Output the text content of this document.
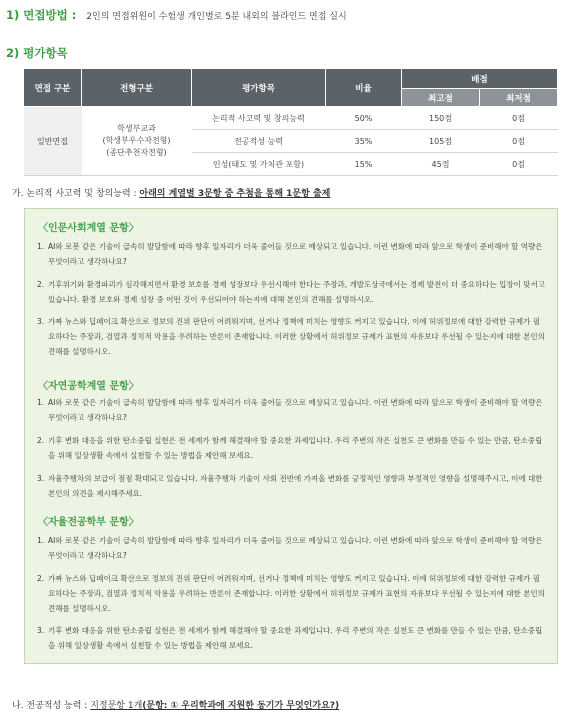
1) 면접방법 : 2인의 면접위원이 수험생 개인별로 5분 내외의 블라인드 면접 실시
2) 평가항목
면접 구분	전형구분	평가항목	비율	배점	
				최고점	최저점
일반면접	학생부교과
(학생부우수자전형)
(종단추천자전형)	논리적 사고력 및 창의능력	50%	150점	0점
		전공적성 능력	35%	105점	0점
		인성(태도 및 가치관 포함)	15%	45점	0점
가. 논리적 사고력 및 창의능력 : 아래의 계열별 3문항 중 추첨을 통해 1문항 출제
〈인문사회계열 문항〉
1. AI와 로봇 같은 기술이 급속히 발달함에 따라 향후 일자리가 더욱 줄어들 것으로 예상되고 있습니다. 이런 변화에 따라 앞으로 학생이 준비해야 할 역량은 무엇이라고 생각하나요?
2. 기후위기와 환경파괴가 심각해지면서 환경 보호를 경제 성장보다 우선시해야 한다는 주장과, 개발도상국에서는 경제 발전이 더 중요하다는 입장이 맞서고 있습니다. 환경 보호와 경제 성장 중 어떤 것이 우선되어야 하는지에 대해 본인의 견해를 설명하시오.
3. 가짜 뉴스와 딥페이크 확산으로 정보의 진위 판단이 어려워지며, 선거나 정책에 미치는 영향도 커지고 있습니다. 이에 허위정보에 대한 강력한 규제가 필요하다는 주장과, 검열과 정치적 악용을 우려하는 반론이 존재합니다. 이러한 상황에서 허위정보 규제가 표현의 자유보다 우선될 수 있는지에 대한 본인의 견해를 설명하시오.
〈자연공학계열 문항〉
1. AI와 로봇 같은 기술이 급속히 발달함에 따라 향후 일자리가 더욱 줄어들 것으로 예상되고 있습니다. 이런 변화에 따라 앞으로 학생이 준비해야 할 역량은 무엇이라고 생각하나요?
2. 기후 변화 대응을 위한 탄소중립 실현은 전 세계가 함께 해결해야 할 중요한 과제입니다. 우리 주변의 작은 실천도 큰 변화를 만들 수 있는 만큼, 탄소중립을 위해 일상생활 속에서 실천할 수 있는 방법을 제안해 보세요.
3. 자율주행차의 보급이 점점 확대되고 있습니다. 자율주행차 기술이 사회 전반에 가져올 변화를 긍정적인 영향과 부정적인 영향을 설명해주시고, 이에 대한 본인의 의견을 제시해주세요.
〈자율전공학부 문항〉
1. AI와 로봇 같은 기술이 급속히 발달함에 따라 향후 일자리가 더욱 줄어들 것으로 예상되고 있습니다. 이런 변화에 따라 앞으로 학생이 준비해야 할 역량은 무엇이라고 생각하나요?
2. 가짜 뉴스와 딥페이크 확산으로 정보의 진위 판단이 어려워지며, 선거나 정책에 미치는 영향도 커지고 있습니다. 이에 허위정보에 대한 강력한 규제가 필요하다는 주장과, 검열과 정치적 악용을 우려하는 반론이 존재합니다. 이러한 상황에서 허위정보 규제가 표현의 자유보다 우선될 수 있는지에 대한 본인의 견해를 설명하시오.
3. 기후 변화 대응을 위한 탄소중립 실현은 전 세계가 함께 해결해야 할 중요한 과제입니다. 우리 주변의 작은 실천도 큰 변화를 만들 수 있는 만큼, 탄소중립을 위해 일상생활 속에서 실천할 수 있는 방법을 제안해 보세요.
나. 전공적성 능력 : 지정문항 1개(문항: ① 우리학과에 지원한 동기가 무엇인가요?)
